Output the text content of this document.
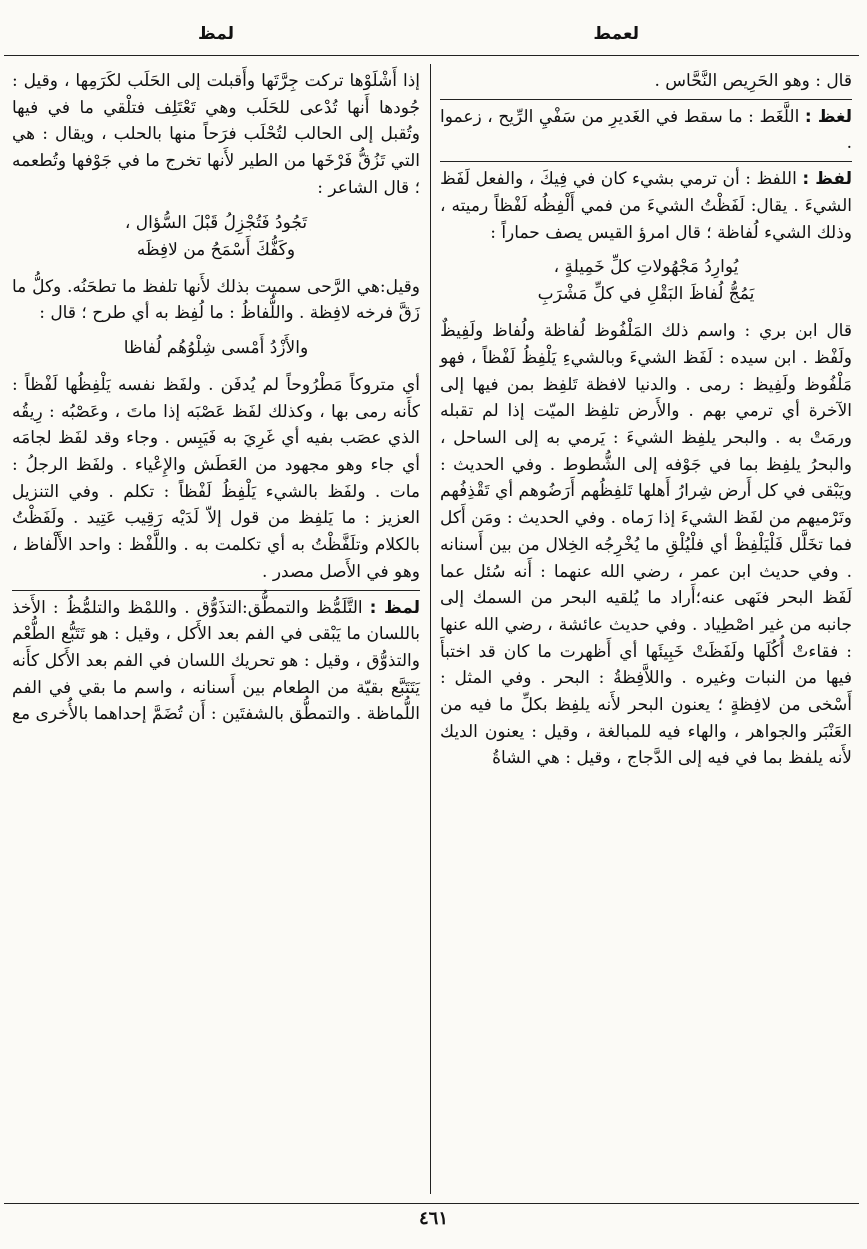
لعمط
لمظ

قال : وهو الحَرِيص النَّحَّاس .

لغظ : اللَّغَط : ما سقط في الغَديرِ من سَفْيِ الرِّيح ، زعموا .

لفظ : اللفظ : أن ترمي بشيء كان في فِيكَ ، والفعل لَفَظ الشيءَ . يقال: لَفَظْتُ الشيءَ من فمي أَلْفِظُه لَفْظاً رميته ، وذلك الشيء لُفاظة ؛ قال امرؤ القيس يصف حماراً :

يُوارِدُ مَجْهُولاتِ كلِّ خَمِيلةٍ ،
يَمُجُّ لُفاظَ البَقْلِ في كلِّ مَشْرَبِ

قال ابن بري : واسم ذلك المَلْفُوظ لُفاظة ولُفاظ ولَفِيظٌ ولَفْظ . ابن سيده : لَفَظ الشيءَ وبالشيءِ يَلْفِظُ لَفْظاً ، فهو مَلْفُوظ ولَفِيظ : رمى . والدنيا لافظة تَلفِظ بمن فيها إلى الآخرة أي ترمي بهم . والأَرض تلفِظ الميّت إذا لم تقبله ورمَتْ به . والبحر يلفِظ الشيءَ : يَرمي به إلى الساحل ، والبحرُ يلفِظ بما في جَوْفه إلى الشُّطوط . وفي الحديث : ويَبْقى في كل أَرض شِرارُ أَهلها تَلفِظُهم أَرَضُوهم أي تَقْذِفُهم وتَرْميهم من لفَظ الشيءَ إذا رَماه . وفي الحديث : ومَن أَكل فما تخَلَّل فَلْيَلْفِظْ أي فلْيُلْقِ ما يُخْرِجُه الخِلال من بين أَسنانه . وفي حديث ابن عمر ، رضي الله عنهما : أَنه سُئل عما لَفَظ البحر فنَهى عنه؛أَراد ما يُلقيه البحر من السمك إلى جانبه من غير اصْطِياد . وفي حديث عائشة ، رضي الله عنها : فقاءتْ أُكُلَها ولَفَظَتْ خَبِيئَها أي أَظهرت ما كان قد اختبأَ فيها من النبات وغيره . واللاَّفِظةُ : البحر . وفي المثل : أَسْخى من لافِظةٍ ؛ يعنون البحر لأَنه يلفِظ بكلِّ ما فيه من العَنْبَر والجواهر ، والهاء فيه للمبالغة ، وقيل : يعنون الديك لأَنه يلفظ بما في فيه إلى الدَّجاج ، وقيل : هي الشاةُ

إذا أَشْلَوْها تركت جِرَّتَها وأَقبلت إلى الحَلَب لكَرَمِها ، وقيل : جُودها أَنها تُدْعى للحَلَب وهي تَعْتَلِف فتلْقي ما في فيها وتُقبل إلى الحالب لتُحْلَب فرَحاً منها بالحلب ، ويقال : هي التي تَزُقُّ فَرْخَها من الطير لأَنها تخرج ما في جَوْفها وتُطعمه ؛ قال الشاعر :

تَجُودُ فَتُجْزِلُ قَبْلَ السُّؤال ،
وكَفُّكَ أَسْمَحُ من لافِظَه

وقيل:هي الرَّحى سميت بذلك لأَنها تلفظ ما تطحَنُه. وكلُّ ما زَقَّ فرخه لافِظة . واللُّفاظُ : ما لُفِظ به أي طرح ؛ قال :

والأَزْدُ أَمْسى شِلْوُهُم لُفاظا

أي متروكاً مَطْرُوحاً لم يُدفَن . ولفَظ نفسه يَلْفِظُها لَفْظاً : كأَنه رمى بها ، وكذلك لفَظ عَصْبَه إذا ماتَ ، وعَصْبُه : رِيقُه الذي عصَب بفيه أي غَرِيَ به فَيَبِس . وجاء وقد لفَظ لجامَه أي جاء وهو مجهود من العَطَش والإِعْياء . ولفَظ الرجلُ : مات . ولفَظ بالشيء يَلْفِظُ لَفْظاً : تكلم . وفي التنزيل العزيز : ما يَلفِظ من قول إلاّ لَدَيْه رَقِيب عَتِيد . ولَفَظْتُ بالكلام وتلَفَّظْتُ به أي تكلمت به . واللَّفْظ : واحد الأَلْفاظ ، وهو في الأَصل مصدر .

لمظ : التَّلَمُّظ والتمطُّق:التذَوُّق . واللمْظ والتلمُّظُ : الأَخذ باللسان ما يَبْقى في الفم بعد الأَكل ، وقيل : هو تَتَبُّع الطُّعْم والتذوُّق ، وقيل : هو تحريك اللسان في الفم بعد الأَكل كأَنه يَتَتَبَّع بقيّة من الطعام بين أَسنانه ، واسم ما بقي في الفم اللُّماظة . والتمطُّق بالشفتَين : أَن تُضَمَّ إحداهما بالأُخرى مع

٤٦١
